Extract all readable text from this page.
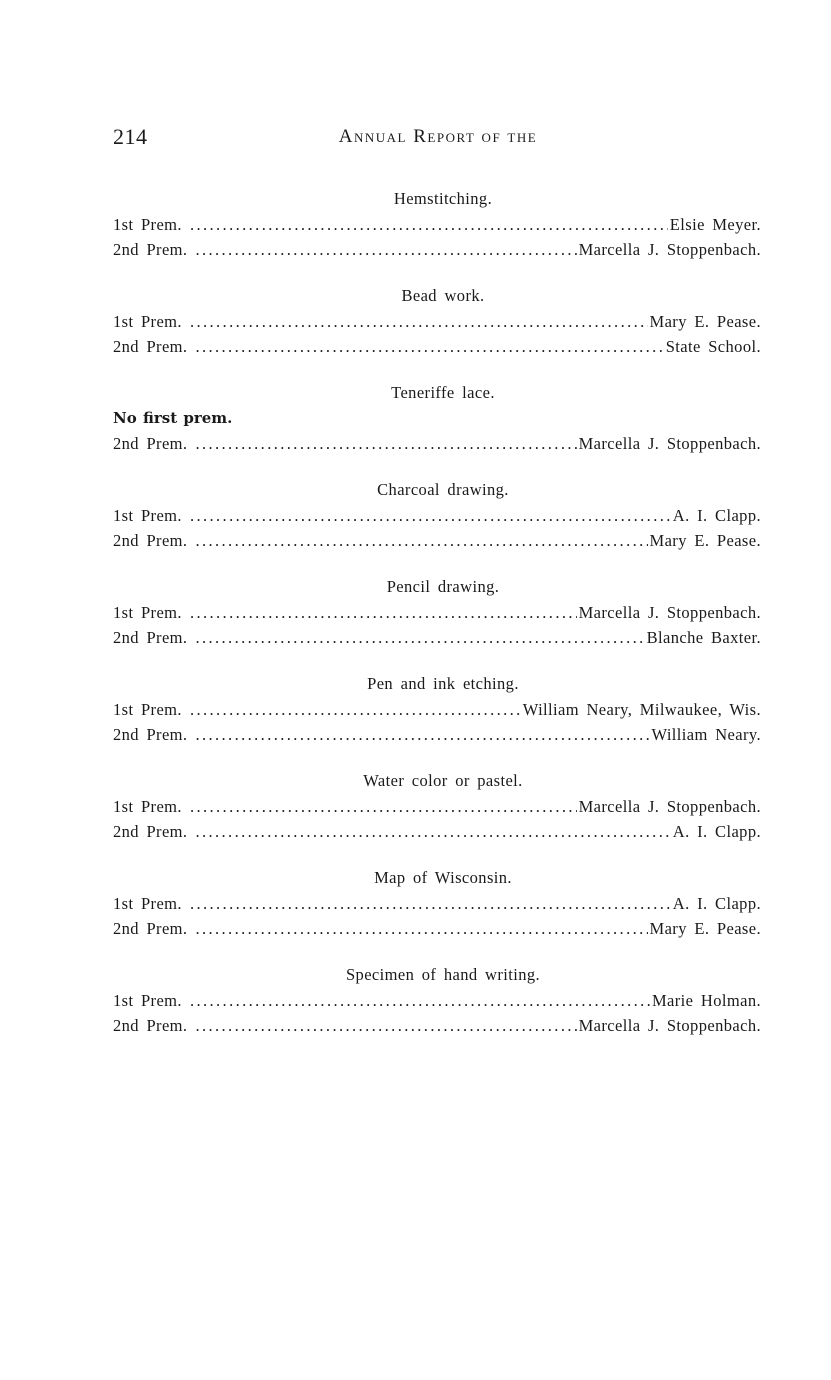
214	Annual Report of the
Hemstitching.
1st Prem. .....	Elsie Meyer.
2nd Prem. .....	Marcella J. Stoppenbach.
Bead work.
1st Prem. .....	Mary E. Pease.
2nd Prem. .....	State School.
Teneriffe lace.
No first prem.
2nd Prem. .....	Marcella J. Stoppenbach.
Charcoal drawing.
1st Prem. .....	A. I. Clapp.
2nd Prem. .....	Mary E. Pease.
Pencil drawing.
1st Prem. .....	Marcella J. Stoppenbach.
2nd Prem. .....	Blanche Baxter.
Pen and ink etching.
1st Prem. .....	William Neary, Milwaukee, Wis.
2nd Prem. .....	William Neary.
Water color or pastel.
1st Prem. .....	Marcella J. Stoppenbach.
2nd Prem. .....	A. I. Clapp.
Map of Wisconsin.
1st Prem. .....	A. I. Clapp.
2nd Prem. .....	Mary E. Pease.
Specimen of hand writing.
1st Prem. .....	Marie Holman.
2nd Prem. .....	Marcella J. Stoppenbach.
